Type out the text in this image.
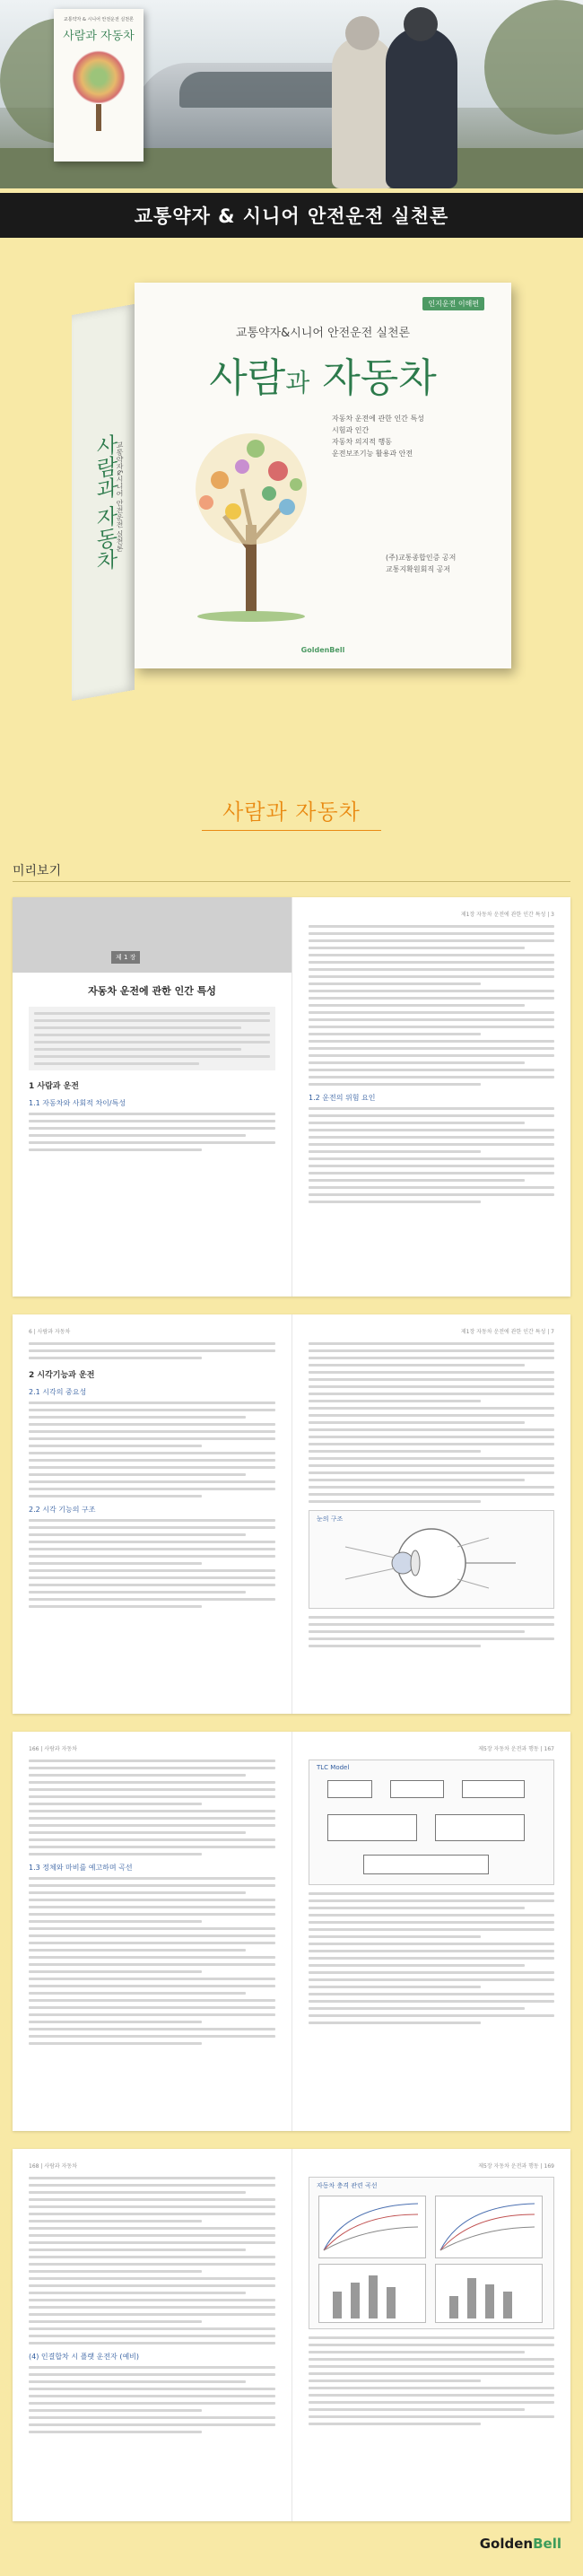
교통약자 & 시니어 안전운전 실천론
사람과 자동차
교통약자 & 시니어 안전운전 실천론
사람과 자동차
교통약자&시니어 안전운전 실천론
인지운전 이해편
교통약자&시니어 안전운전 실천론
사람과 자동차
자동차 운전에 관한 인간 특성
시험과 인간
자동차 의지적 행동
운전보조기능 활용과 안전
(주)교통종합인증 공저
교통지확원회직 공저
GoldenBell
사람과 자동차
미리보기
제 1 장
자동차 운전에 관한 인간 특성
1 사람과 운전
1.1 자동차와 사회적 차이/특성
제1장 자동차 운전에 관한 인간 특성 | 3
1.2 운전의 위험 요인
6 | 사람과 자동차
2 시각기능과 운전
2.1 시각의 중요성
2.2 시각 기능의 구조
제1장 자동차 운전에 관한 인간 특성 | 7
눈의 구조
166 | 사람과 자동차
1.3 정체와 마비를 예고하며 곡선
제5장 자동차 운전과 행동 | 167
TLC Model
168 | 사람과 자동차
(4) 인결합차 시 플랫 운전자 (예비)
제5장 자동차 운전과 행동 | 169
자동차 충격 관련 곡선
GoldenBell
